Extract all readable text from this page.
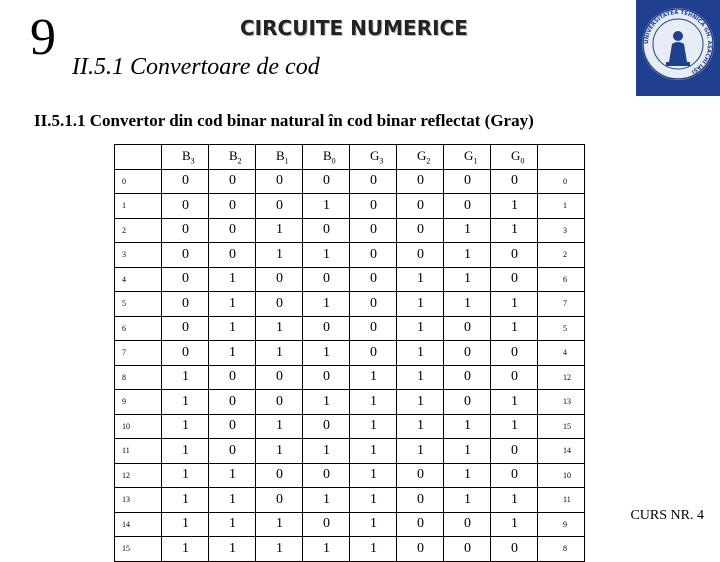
9	CIRCUITE NUMERICE
II.5.1 Convertoare de cod
UNIVERSITATEA TEHNICĂ GH. ASACHI IAŞI
II.5.1.1 Convertor din cod binar natural în cod binar reflectat (Gray)
	$B_3$	$B_2$	$B_1$	$B_0$	$G_3$	$G_2$	$G_1$	$G_0$	
0	0	0	0	0	0	0	0	0	0
1	0	0	0	1	0	0	0	1	1
2	0	0	1	0	0	0	1	1	3
3	0	0	1	1	0	0	1	0	2
4	0	1	0	0	0	1	1	0	6
5	0	1	0	1	0	1	1	1	7
6	0	1	1	0	0	1	0	1	5
7	0	1	1	1	0	1	0	0	4
8	1	0	0	0	1	1	0	0	12
9	1	0	0	1	1	1	0	1	13
10	1	0	1	0	1	1	1	1	15
11	1	0	1	1	1	1	1	0	14
12	1	1	0	0	1	0	1	0	10
13	1	1	0	1	1	0	1	1	11
14	1	1	1	0	1	0	0	1	9
15	1	1	1	1	1	0	0	0	8
CURS NR. 4
